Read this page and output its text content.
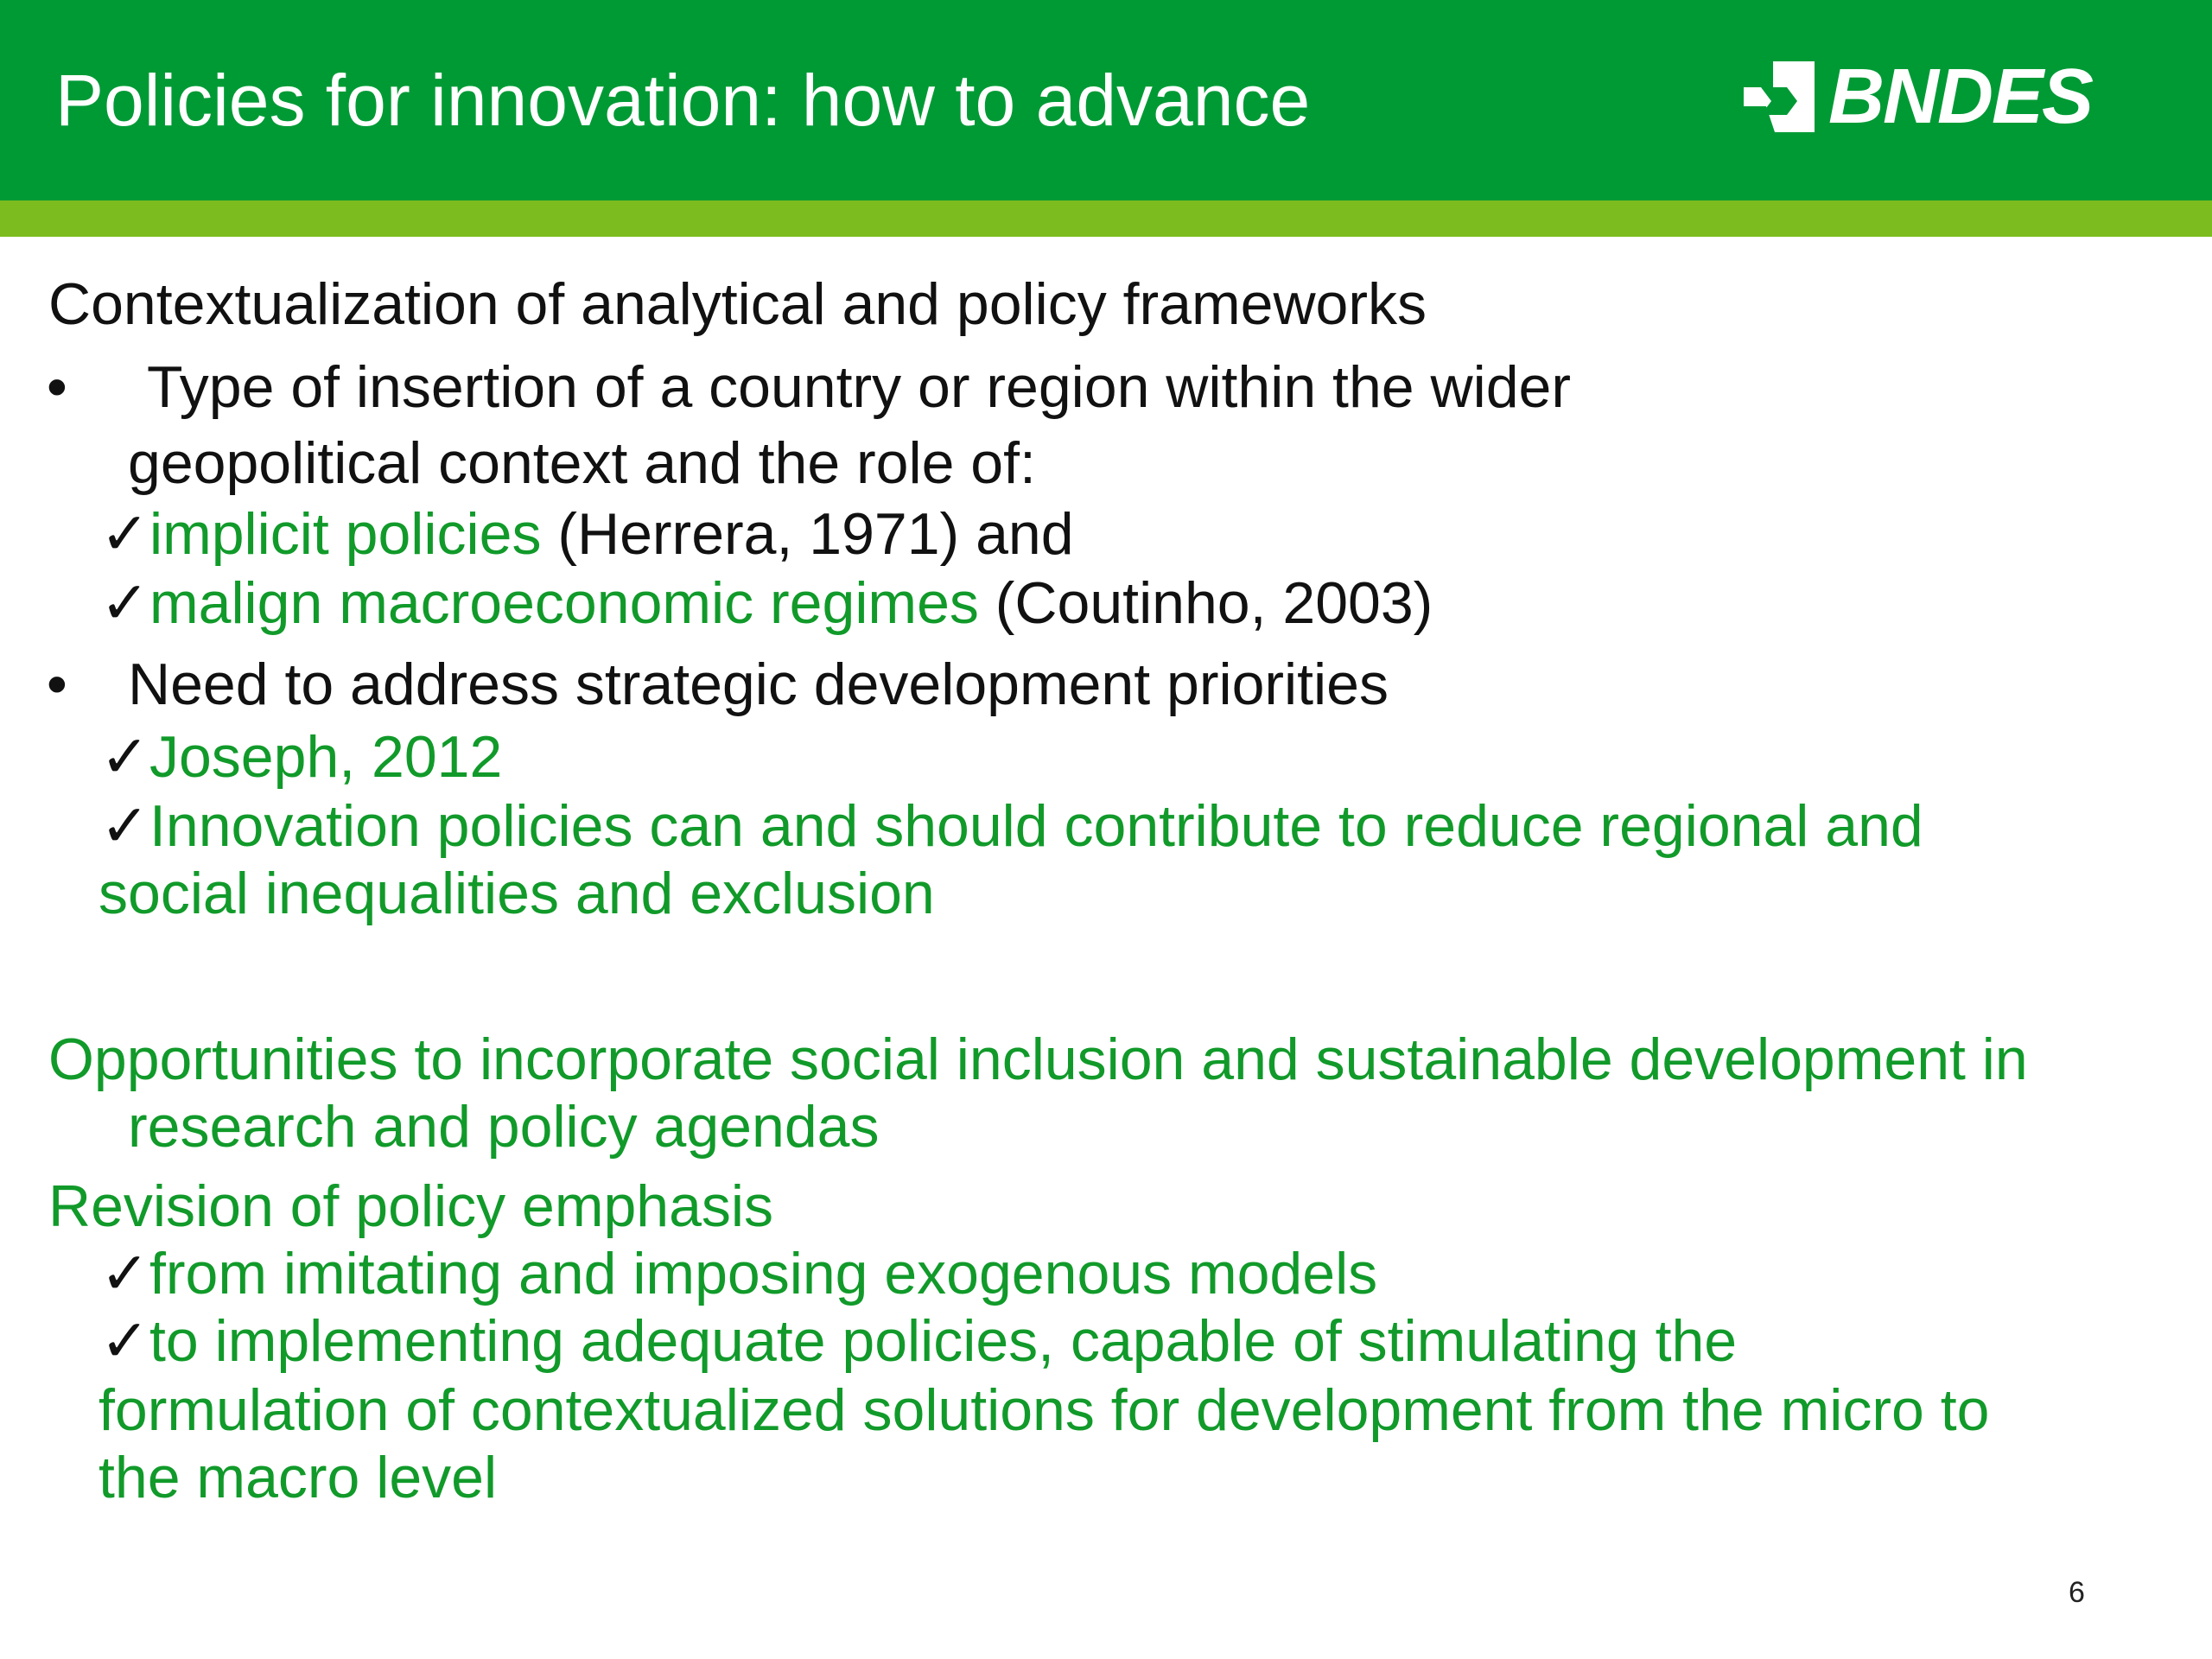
Policies for innovation: how to advance	BNDES
Contextualization of analytical and policy frameworks
• Type of insertion of a country or region within the wider
geopolitical context and the role of:
✓implicit policies (Herrera, 1971) and
✓malign macroeconomic regimes (Coutinho, 2003)
• Need to address strategic development priorities
✓Joseph, 2012
✓Innovation policies can and should contribute to reduce regional and
social inequalities and exclusion
Opportunities to incorporate social inclusion and sustainable development in
research and policy agendas
Revision of policy emphasis
✓from imitating and imposing exogenous models
✓to implementing adequate policies, capable of stimulating the
formulation of contextualized solutions for development from the micro to
the macro level
6
